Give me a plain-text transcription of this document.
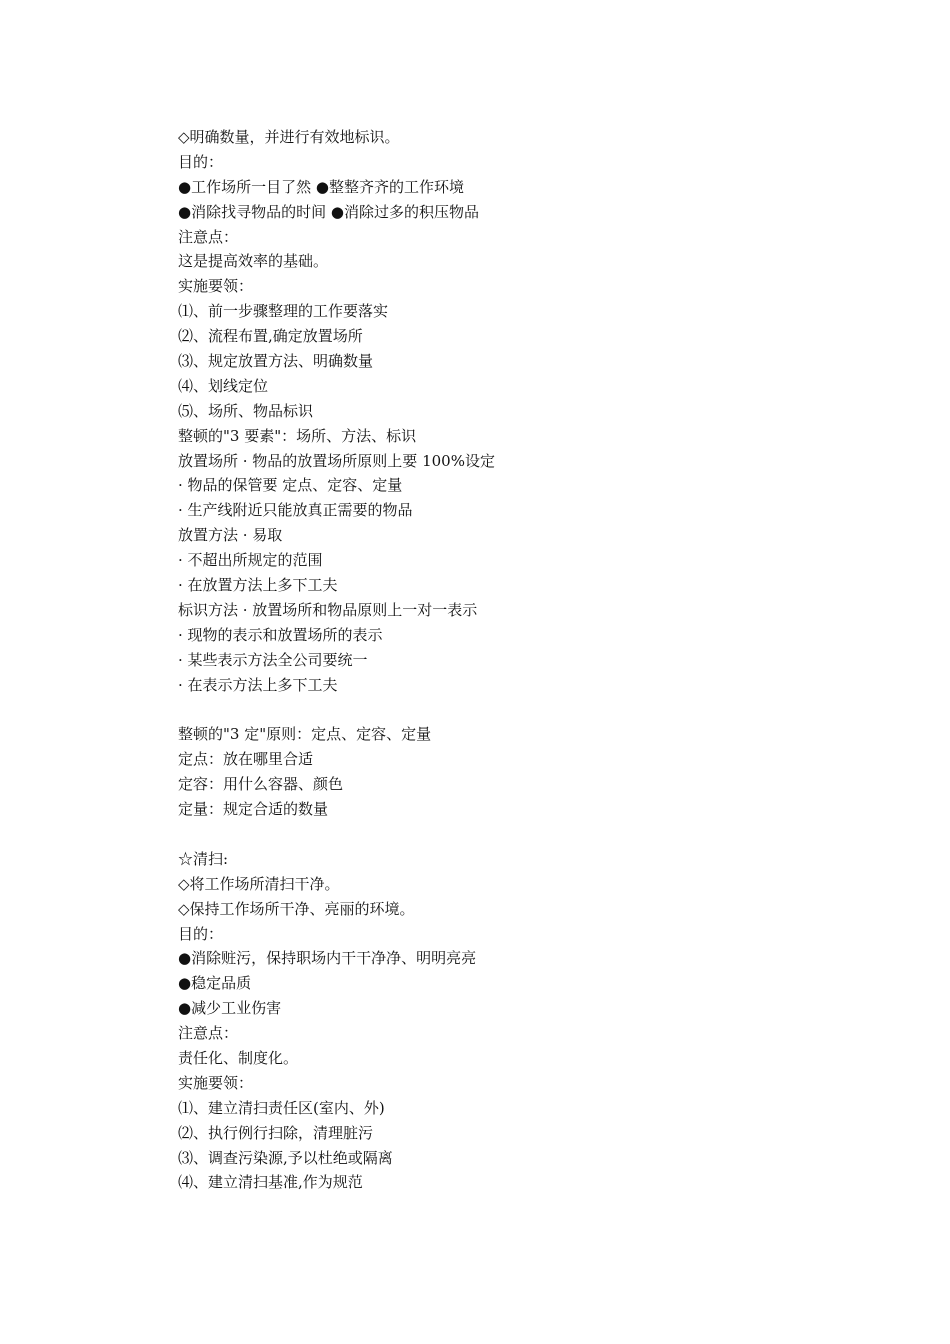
◇明确数量，并进行有效地标识。
目的：
●工作场所一目了然 ●整整齐齐的工作环境
●消除找寻物品的时间 ●消除过多的积压物品
注意点：
这是提高效率的基础。
实施要领：
⑴、前一步骤整理的工作要落实
⑵、流程布置,确定放置场所
⑶、规定放置方法、明确数量
⑷、划线定位
⑸、场所、物品标识
整顿的"3 要素"：场所、方法、标识
放置场所 · 物品的放置场所原则上要 100%设定
· 物品的保管要 定点、定容、定量
· 生产线附近只能放真正需要的物品
放置方法 · 易取
· 不超出所规定的范围
· 在放置方法上多下工夫
标识方法 · 放置场所和物品原则上一对一表示
· 现物的表示和放置场所的表示
· 某些表示方法全公司要统一
· 在表示方法上多下工夫
整顿的"3 定"原则：定点、定容、定量
定点：放在哪里合适
定容：用什么容器、颜色
定量：规定合适的数量
☆清扫:
◇将工作场所清扫干净。
◇保持工作场所干净、亮丽的环境。
目的：
●消除赃污，保持职场内干干净净、明明亮亮
●稳定品质
●减少工业伤害
注意点：
责任化、制度化。
实施要领：
⑴、建立清扫责任区(室内、外)
⑵、执行例行扫除，清理脏污
⑶、调查污染源,予以杜绝或隔离
⑷、建立清扫基准,作为规范
